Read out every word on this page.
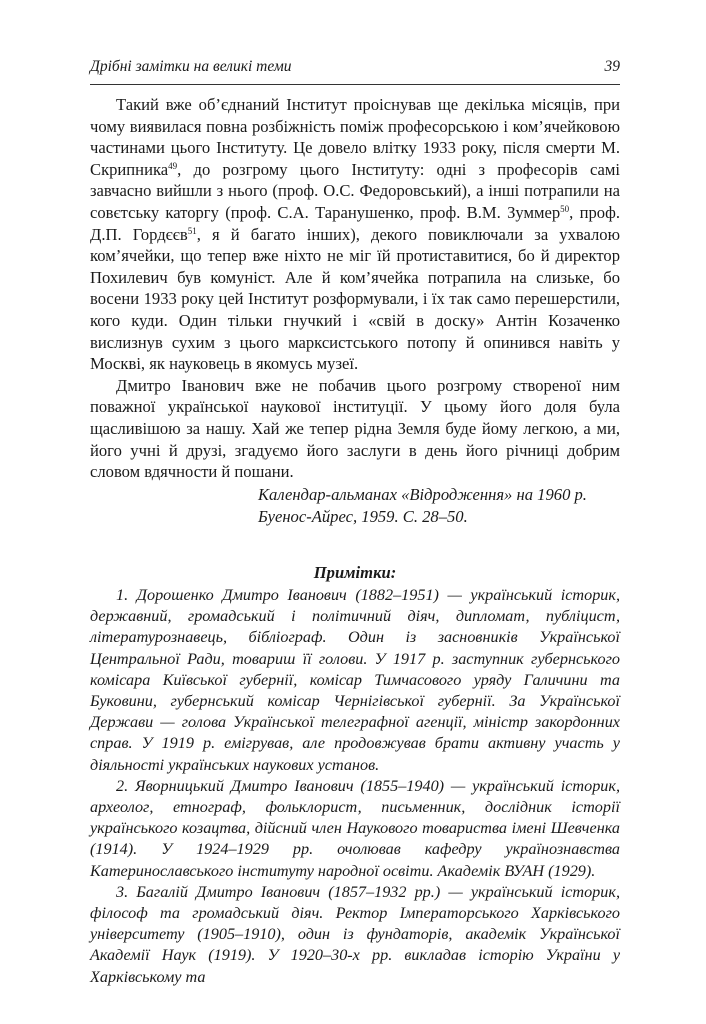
Дрібні замітки на великі теми	39

Такий вже об’єднаний Інститут проіснував ще декілька місяців, при чому виявилася повна розбіжність поміж професорською і ком’ячейковою частинами цього Інституту. Це довело влітку 1933 року, після смерти М. Скрипника$^{49}$, до розгрому цього Інституту: одні з професорів самі завчасно вийшли з нього (проф. О.С. Федоровський), а інші потрапили на совєтську каторгу (проф. С.А. Таранушенко, проф. В.М. Зуммер$^{50}$, проф. Д.П. Гордєєв$^{51}$, я й багато інших), декого повиключали за ухвалою ком’ячейки, що тепер вже ніхто не міг їй протиставитися, бо й директор Похилевич був комуніст. Але й ком’ячейка потрапила на слизьке, бо восени 1933 року цей Інститут розформували, і їх так само перешерстили, кого куди. Один тільки гнучкий і «свій в доску» Антін Козаченко вислизнув сухим з цього марксистського потопу й опинився навіть у Москві, як науковець в якомусь музеї.

Дмитро Іванович вже не побачив цього розгрому створеної ним поважної української наукової інституції. У цьому його доля була щасливішою за нашу. Хай же тепер рідна Земля буде йому легкою, а ми, його учні й друзі, згадуємо його заслуги в день його річниці добрим словом вдячности й пошани.

Календар-альманах «Відродження» на 1960 р.
Буенос-Айрес, 1959. С. 28–50.
Примітки:

1. Дорошенко Дмитро Іванович (1882–1951) — український історик, державний, громадський і політичний діяч, дипломат, публіцист, літературознавець, бібліограф. Один із засновників Української Центральної Ради, товариш її голови. У 1917 р. заступник губернського комісара Київської губернії, комісар Тимчасового уряду Галичини та Буковини, губернський комісар Чернігівської губернії. За Української Держави — голова Української телеграфної агенції, міністр закордонних справ. У 1919 р. емігрував, але продовжував брати активну участь у діяльності українських наукових установ.

2. Яворницький Дмитро Іванович (1855–1940) — український історик, археолог, етнограф, фольклорист, письменник, дослідник історії українського козацтва, дійсний член Наукового товариства імені Шевченка (1914). У 1924–1929 рр. очолював кафедру українознавства Катеринославського інституту народної освіти. Академік ВУАН (1929).

3. Багалій Дмитро Іванович (1857–1932 рр.) — український історик, філософ та громадський діяч. Ректор Імператорського Харківського університету (1905–1910), один із фундаторів, академік Української Академії Наук (1919). У 1920–30-х рр. викладав історію України у Харківському та
